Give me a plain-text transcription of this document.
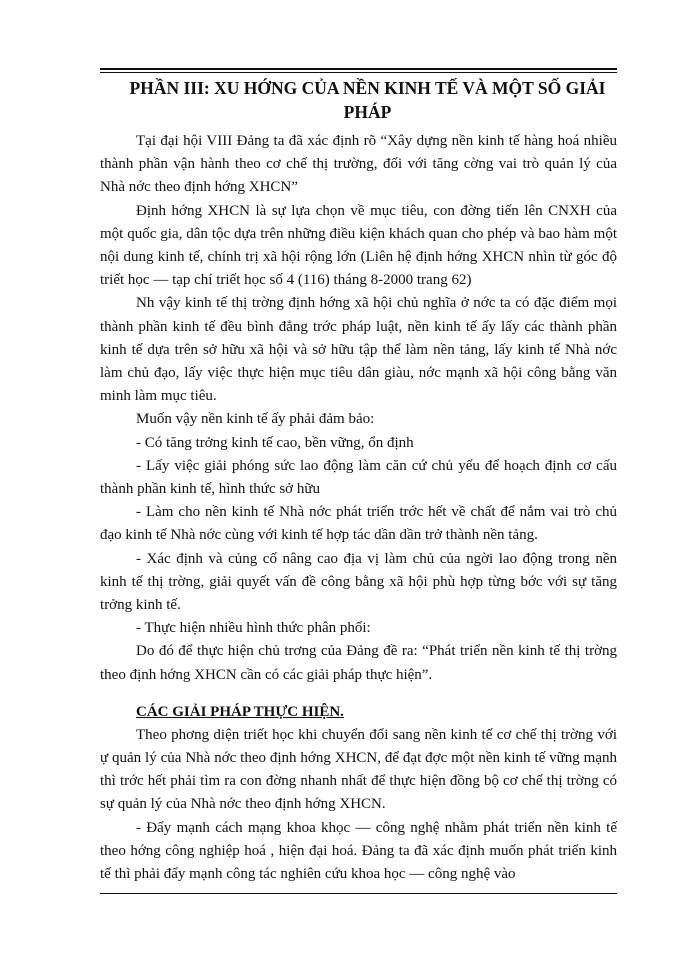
PHẦN III: XU HỚNG CỦA NỀN KINH TẾ VÀ MỘT SỐ GIẢI PHÁP

Tại đại hội VIII Đảng ta đã xác định rõ “Xây dựng nền kinh tế hàng hoá nhiều thành phần vận hành theo cơ chế thị trường, đối với tăng cờng vai trò quản lý của Nhà nớc theo định hớng XHCN”

Định hớng XHCN là sự lựa chọn về mục tiêu, con đờng tiến lên CNXH của một quốc gia, dân tộc dựa trên những điều kiện khách quan cho phép và bao hàm một nội dung kinh tế, chính trị xã hội rộng lớn (Liên hệ định hớng XHCN nhìn từ góc độ triết học — tạp chí triết học số 4 (116) tháng 8-2000 trang 62)

Nh vậy kinh tế thị trờng định hớng xã hội chủ nghĩa ở nớc ta có đặc điểm mọi thành phần kinh tế đều bình đẳng trớc pháp luật, nền kinh tế ấy lấy các thành phần kinh tế dựa trên sở hữu xã hội và sở hữu tập thể làm nền tảng, lấy kinh tế Nhà nớc làm chủ đạo, lấy việc thực hiện mục tiêu dân giàu, nớc mạnh xã hội công bằng văn minh làm mục tiêu.

Muốn vậy nền kinh tế ấy phải đảm bảo:

- Có tăng trởng kinh tế cao, bền vững, ổn định

- Lấy việc giải phóng sức lao động làm căn cứ chủ yếu để hoạch định cơ cấu thành phần kinh tế, hình thức sở hữu

- Làm cho nền kinh tế Nhà nớc phát triển trớc hết về chất để nắm vai trò chủ đạo kinh tế Nhà nớc cùng với kinh tế hợp tác dần dần trở thành nền tảng.

- Xác định và củng cố nâng cao địa vị làm chủ của ngời lao động trong nền kinh tế thị trờng, giải quyết vấn đề công bằng xã hội phù hợp từng bớc với sự tăng trởng kinh tế.

- Thực hiện nhiều hình thức phân phối:

Do đó để thực hiện chủ trơng của Đảng đề ra: “Phát triển nền kinh tế thị trờng theo định hớng XHCN cần có các giải pháp thực hiện”.

CÁC GIẢI PHÁP THỰC HIỆN.

Theo phơng diện triết học khi chuyển đổi sang nền kinh tế cơ chế thị trờng với ự quản lý của Nhà nớc theo định hớng XHCN, để đạt đợc một nền kinh tế vững mạnh thì trớc hết phải tìm ra con đờng nhanh nhất để thực hiện đồng bộ cơ chế thị trờng có sự quản lý của Nhà nớc theo định hớng XHCN.

- Đẩy mạnh cách mạng khoa khọc — công nghệ nhằm phát triển nền kinh tế theo hớng công nghiệp hoá , hiện đại hoá. Đảng ta đã xác định muốn phát triển kinh tế thì phải đẩy mạnh công tác nghiên cứu khoa học — công nghệ vào
